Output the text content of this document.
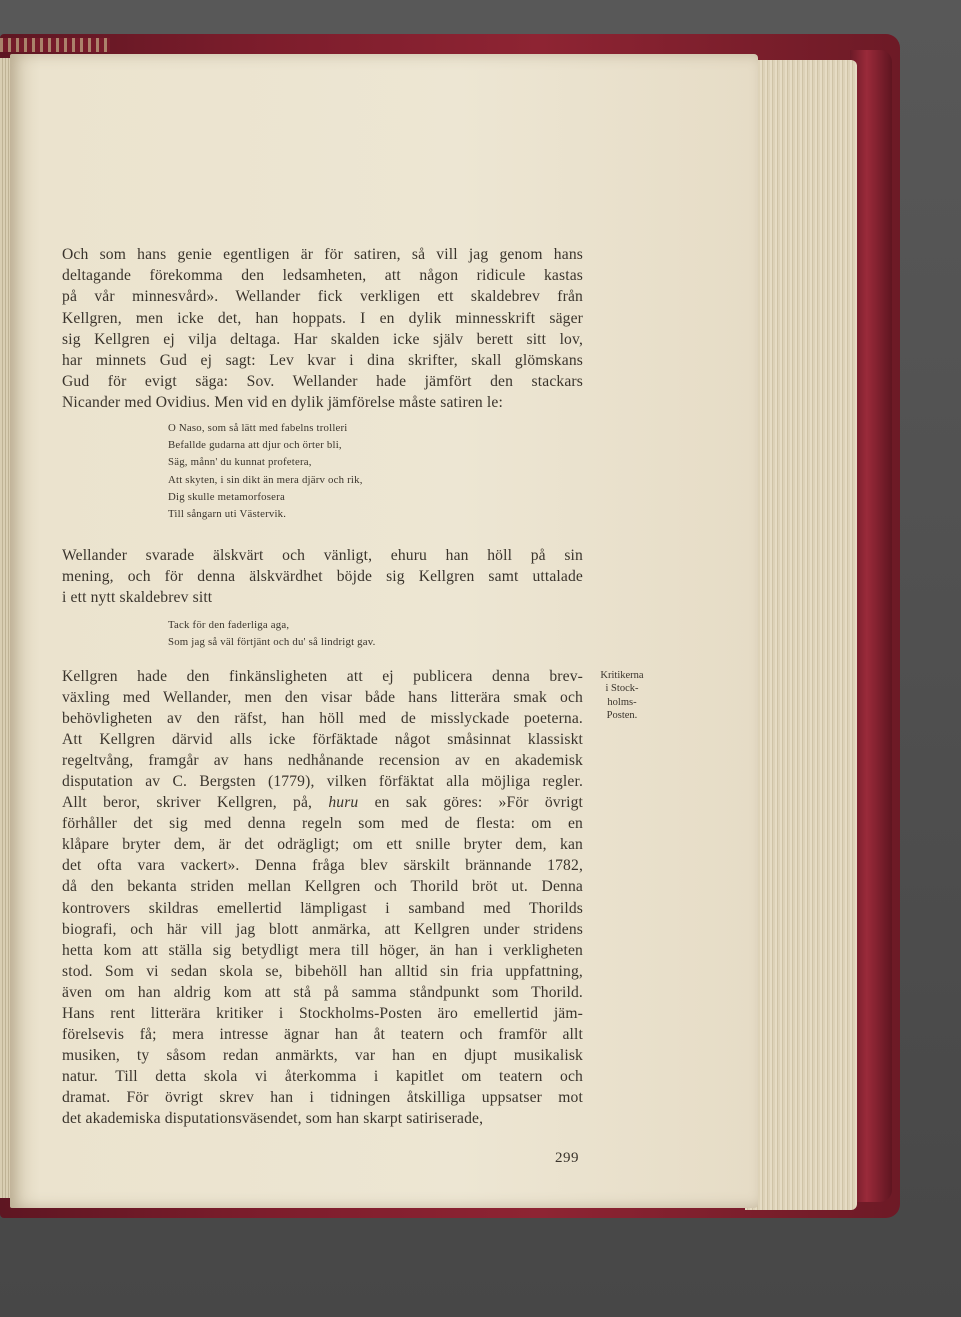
Och som hans genie egentligen är för satiren, så vill jag genom hans
deltagande förekomma den ledsamheten, att någon ridicule kastas
på vår minnesvård». Wellander fick verkligen ett skaldebrev från
Kellgren, men icke det, han hoppats. I en dylik minnesskrift säger
sig Kellgren ej vilja deltaga. Har skalden icke själv berett sitt lov,
har minnets Gud ej sagt: Lev kvar i dina skrifter, skall glömskans
Gud för evigt säga: Sov. Wellander hade jämfört den stackars
Nicander med Ovidius. Men vid en dylik jämförelse måste satiren le:
O Naso, som så lätt med fabelns trolleri
Befallde gudarna att djur och örter bli,
Säg, månn' du kunnat profetera,
Att skyten, i sin dikt än mera djärv och rik,
Dig skulle metamorfosera
Till sångarn uti Västervik.
Wellander svarade älskvärt och vänligt, ehuru han höll på sin
mening, och för denna älskvärdhet böjde sig Kellgren samt uttalade
i ett nytt skaldebrev sitt
Tack för den faderliga aga,
Som jag så väl förtjänt och du' så lindrigt gav.
Kellgren hade den finkänsligheten att ej publicera denna brev-
växling med Wellander, men den visar både hans litterära smak och
behövligheten av den räfst, han höll med de misslyckade poeterna.
Att Kellgren därvid alls icke förfäktade något småsinnat klassiskt
regeltvång, framgår av hans nedhånande recension av en akademisk
disputation av C. Bergsten (1779), vilken förfäktat alla möjliga regler.
Allt beror, skriver Kellgren, på, huru en sak göres: »För övrigt
förhåller det sig med denna regeln som med de flesta: om en
klåpare bryter dem, är det odrägligt; om ett snille bryter dem, kan
det ofta vara vackert». Denna fråga blev särskilt brännande 1782,
då den bekanta striden mellan Kellgren och Thorild bröt ut. Denna
kontrovers skildras emellertid lämpligast i samband med Thorilds
biografi, och här vill jag blott anmärka, att Kellgren under stridens
hetta kom att ställa sig betydligt mera till höger, än han i verkligheten
stod. Som vi sedan skola se, bibehöll han alltid sin fria uppfattning,
även om han aldrig kom att stå på samma ståndpunkt som Thorild.
Hans rent litterära kritiker i Stockholms-Posten äro emellertid jäm-
förelsevis få; mera intresse ägnar han åt teatern och framför allt
musiken, ty såsom redan anmärkts, var han en djupt musikalisk
natur. Till detta skola vi återkomma i kapitlet om teatern och
dramat. För övrigt skrev han i tidningen åtskilliga uppsatser mot
det akademiska disputationsväsendet, som han skarpt satiriserade,
Kritikerna
i Stock-
holms-
Posten.
299
